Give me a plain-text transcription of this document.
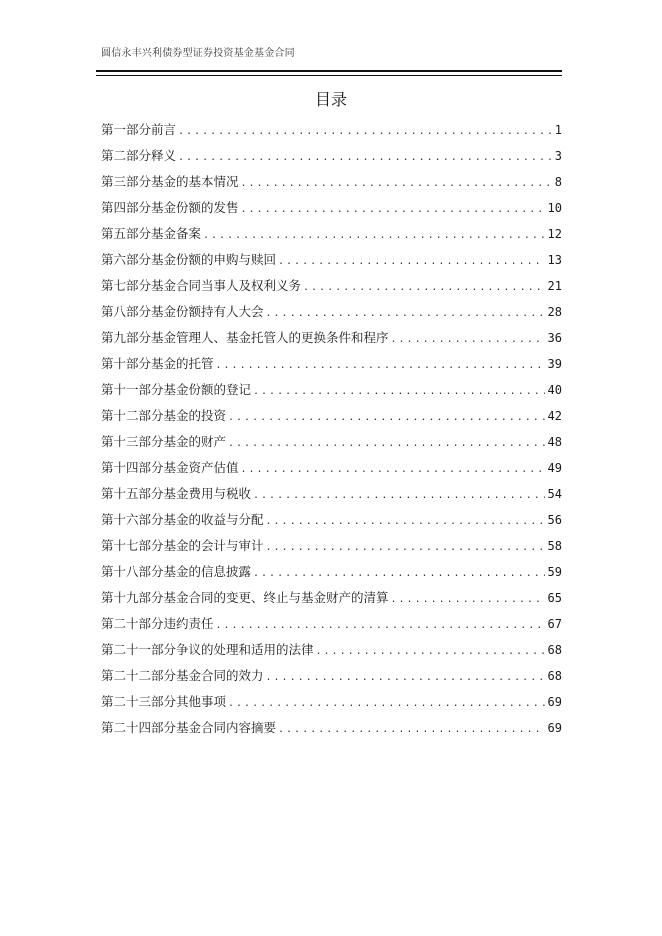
圆信永丰兴利债券型证券投资基金基金合同
目录
第一部分前言 .....	1
第二部分释义 .....	3
第三部分基金的基本情况 .....	8
第四部分基金份额的发售 .....	10
第五部分基金备案 .....	12
第六部分基金份额的申购与赎回 .....	13
第七部分基金合同当事人及权利义务 .....	21
第八部分基金份额持有人大会 .....	28
第九部分基金管理人、基金托管人的更换条件和程序 .....	36
第十部分基金的托管 .....	39
第十一部分基金份额的登记 .....	40
第十二部分基金的投资 .....	42
第十三部分基金的财产 .....	48
第十四部分基金资产估值 .....	49
第十五部分基金费用与税收 .....	54
第十六部分基金的收益与分配 .....	56
第十七部分基金的会计与审计 .....	58
第十八部分基金的信息披露 .....	59
第十九部分基金合同的变更、终止与基金财产的清算 .....	65
第二十部分违约责任 .....	67
第二十一部分争议的处理和适用的法律 .....	68
第二十二部分基金合同的效力 .....	68
第二十三部分其他事项 .....	69
第二十四部分基金合同内容摘要 .....	69
